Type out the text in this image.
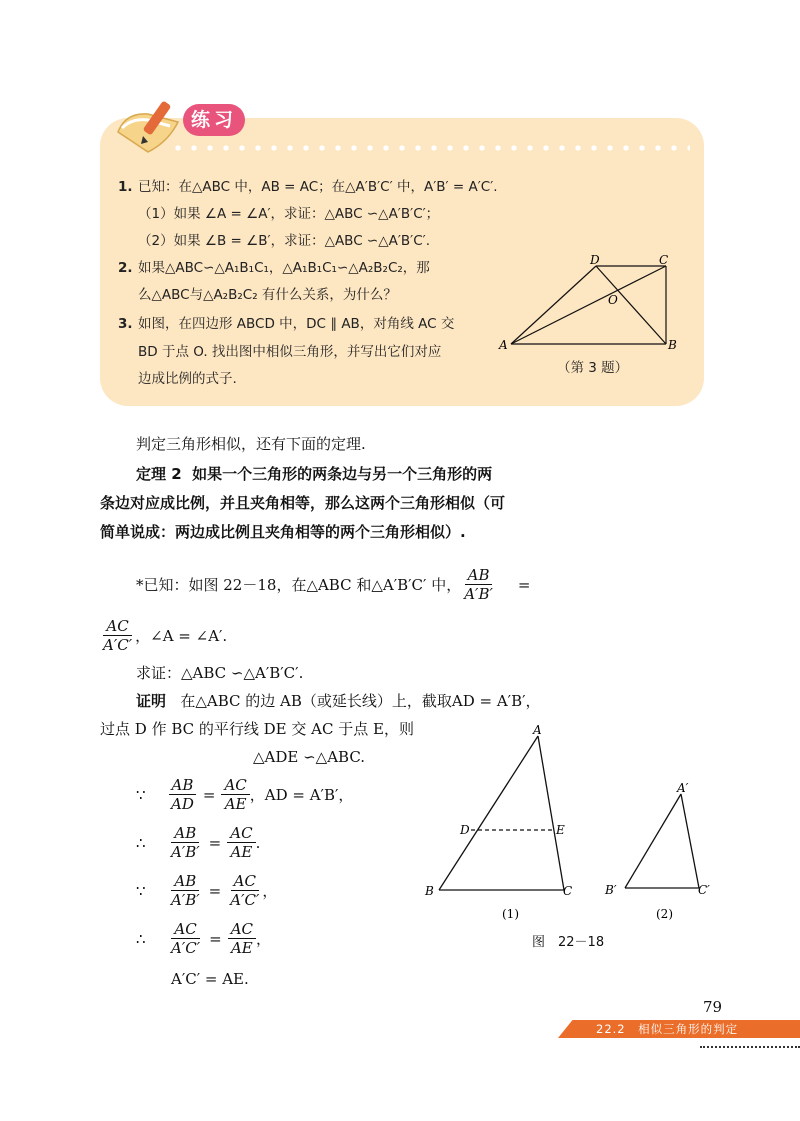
练习
1. 已知：在△ABC 中，AB = AC；在△A′B′C′ 中，A′B′ = A′C′.
（1）如果 ∠A = ∠A′，求证：△ABC ∽△A′B′C′；
（2）如果 ∠B = ∠B′，求证：△ABC ∽△A′B′C′.
2. 如果△ABC∽△A₁B₁C₁，△A₁B₁C₁∽△A₂B₂C₂，那
么△ABC与△A₂B₂C₂ 有什么关系，为什么？
3. 如图，在四边形 ABCD 中，DC ∥ AB，对角线 AC 交
BD 于点 O. 找出图中相似三角形，并写出它们对应
边成比例的式子.
A	B
C
D
O
（第 3 题）
判定三角形相似，还有下面的定理.
定理 2 如果一个三角形的两条边与另一个三角形的两
条边对应成比例，并且夹角相等，那么这两个三角形相似（可
简单说成：两边成比例且夹角相等的两个三角形相似）.
*已知：如图 22－18，在△ABC 和△A′B′C′ 中， $\frac{AB}{A'B'}$ =
$\frac{AC}{A'C'}$ ，∠A = ∠A′.
求证：△ABC ∽△A′B′C′.
证明 在△ABC 的边 AB（或延长线）上，截取AD = A′B′，
过点 D 作 BC 的平行线 DE 交 AC 于点 E，则
△ADE ∽△ABC.
∵	$\frac{AB}{AD} = \frac{AC}{AE}$ ，AD = A′B′，
∴	$\frac{AB}{A'B'} = \frac{AC}{AE}$ .
∵	$\frac{AB}{A'B'} = \frac{AC}{A'C'}$ ，
∴	$\frac{AC}{A'C'} = \frac{AC}{AE}$ ，
A′C′ = AE.
A
B	C
D	E
A′
B′	C′
(1)	(2)
图　22－18
79
22.2　相似三角形的判定
